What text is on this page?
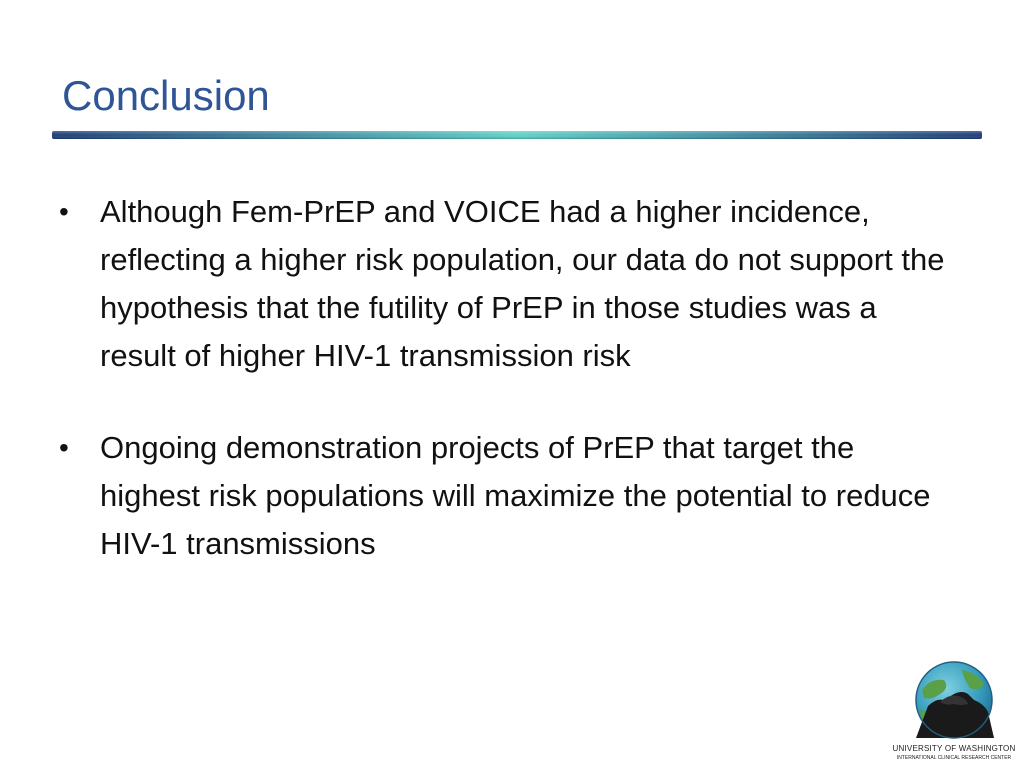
Conclusion
• Although Fem-PrEP and VOICE had a higher incidence, reflecting a higher risk population, our data do not support the hypothesis that the futility of PrEP in those studies was a result of higher HIV-1 transmission risk
• Ongoing demonstration projects of PrEP that target the highest risk populations will maximize the potential to reduce HIV-1 transmissions
UNIVERSITY OF WASHINGTON
INTERNATIONAL CLINICAL RESEARCH CENTER
